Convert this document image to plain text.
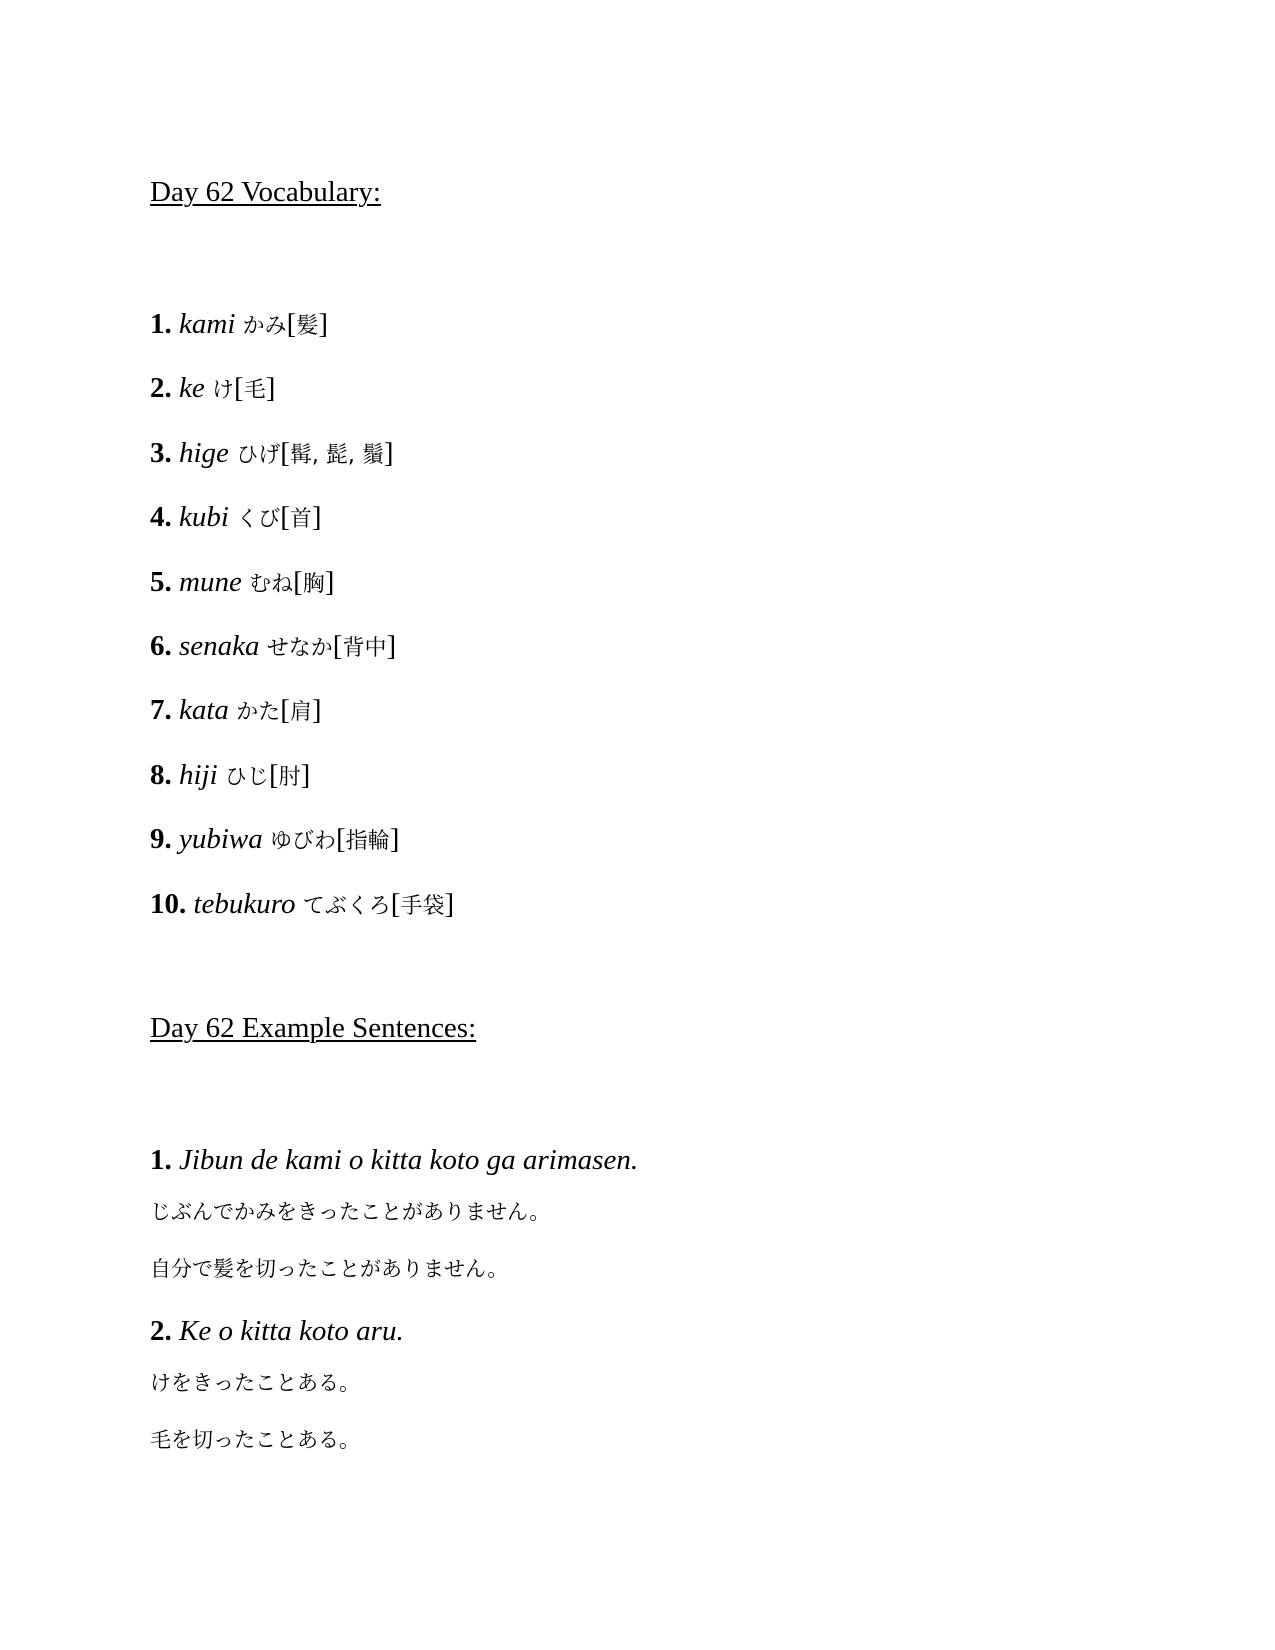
Day 62 Vocabulary:
1. kami かみ[髪]
2. ke け[毛]
3. hige ひげ[髯, 髭, 鬚]
4. kubi くび[首]
5. mune むね[胸]
6. senaka せなか[背中]
7. kata かた[肩]
8. hiji ひじ[肘]
9. yubiwa ゆびわ[指輪]
10. tebukuro てぶくろ[手袋]
Day 62 Example Sentences:
1. Jibun de kami o kitta koto ga arimasen.
じぶんでかみをきったことがありません。
自分で髪を切ったことがありません。
2. Ke o kitta koto aru.
けをきったことある。
毛を切ったことある。
